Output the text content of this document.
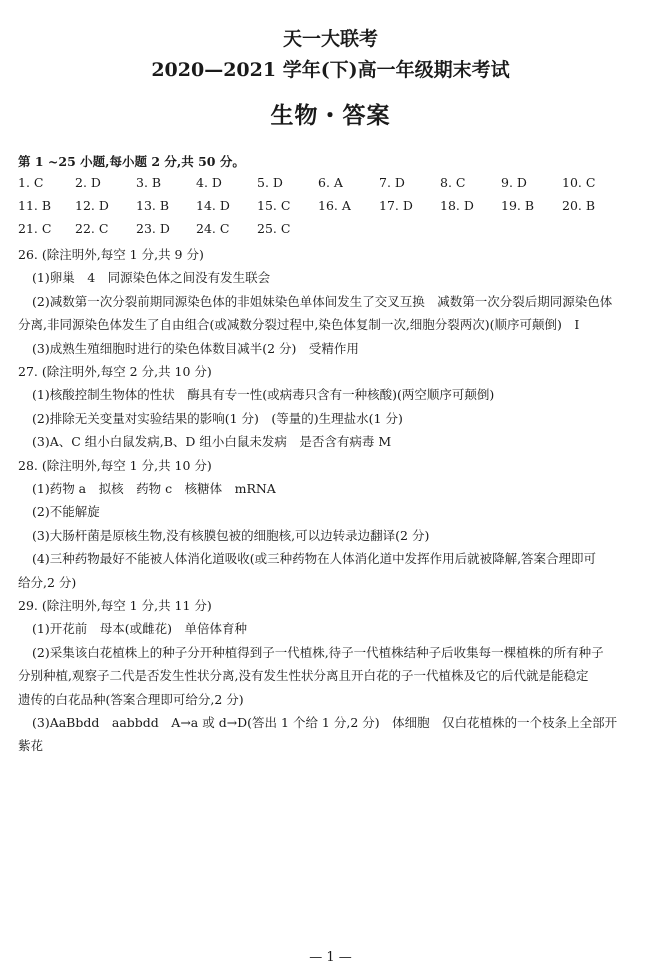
天一大联考
2020—2021 学年(下)高一年级期末考试
生物・答案
第 1 ~25 小题,每小题 2 分,共 50 分。
1. C	2. D	3. B	4. D	5. D	6. A	7. D	8. C	9. D	10. C
11. B 12. D 13. B 14. D 15. C 16. A 17. D 18. D 19. B 20. B
21. C 22. C 23. D 24. C 25. C
26. (除注明外,每空 1 分,共 9 分)
(1)卵巢　4　同源染色体之间没有发生联会
(2)减数第一次分裂前期同源染色体的非姐妹染色单体间发生了交叉互换　减数第一次分裂后期同源染色体
分离,非同源染色体发生了自由组合(或减数分裂过程中,染色体复制一次,细胞分裂两次)(顺序可颠倒)　I
(3)成熟生殖细胞时进行的染色体数目减半(2 分)　受精作用
27. (除注明外,每空 2 分,共 10 分)
(1)核酸控制生物体的性状　酶具有专一性(或病毒只含有一种核酸)(两空顺序可颠倒)
(2)排除无关变量对实验结果的影响(1 分)　(等量的)生理盐水(1 分)
(3)A、C 组小白鼠发病,B、D 组小白鼠未发病　是否含有病毒 M
28. (除注明外,每空 1 分,共 10 分)
(1)药物 a　拟核　药物 c　核糖体　mRNA
(2)不能解旋
(3)大肠杆菌是原核生物,没有核膜包被的细胞核,可以边转录边翻译(2 分)
(4)三种药物最好不能被人体消化道吸收(或三种药物在人体消化道中发挥作用后就被降解,答案合理即可
给分,2 分)
29. (除注明外,每空 1 分,共 11 分)
(1)开花前　母本(或雌花)　单倍体育种
(2)采集该白花植株上的种子分开种植得到子一代植株,待子一代植株结种子后收集每一棵植株的所有种子
分别种植,观察子二代是否发生性状分离,没有发生性状分离且开白花的子一代植株及它的后代就是能稳定
遗传的白花品种(答案合理即可给分,2 分)
(3)AaBbdd　aabbdd　A→a 或 d→D(答出 1 个给 1 分,2 分)　体细胞　仅白花植株的一个枝条上全部开
紫花
— 1 —
